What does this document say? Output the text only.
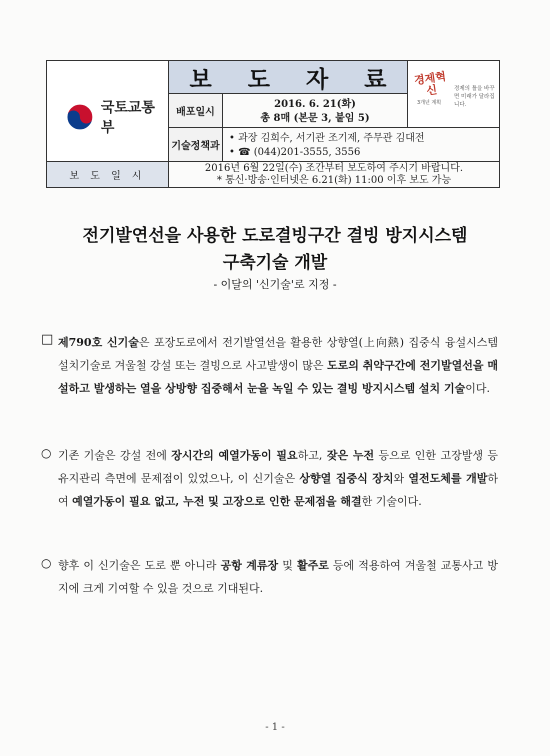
국토교통부
보 도 자 료 경제혁신
3개년 계획
경제의 틀을 바꾸면 미래가 달라집니다.
배포일시
2016. 6. 21(화)
총 8매 (본문 3, 붙임 5)
기술정책과
• 과장 김희수, 서기관 조기제, 주무관 김대전
• ☎ (044)201-3555, 3556
보 도 일 시
2016년 6월 22일(수) 조간부터 보도하여 주시기 바랍니다.
* 통신·방송·인터넷은 6.21(화) 11:00 이후 보도 가능
전기발연선을 사용한 도로결빙구간 결빙 방지시스템
구축기술 개발
- 이달의 '신기술'로 지정 -
□ 제790호 신기술은 포장도로에서 전기발열선을 활용한 상향열(上向熱) 집중식 융설시스템 설치기술로 겨울철 강설 또는 결빙으로 사고발생이 많은 도로의 취약구간에 전기발열선을 매설하고 발생하는 열을 상방향 집중해서 눈을 녹일 수 있는 결빙 방지시스템 설치 기술이다.
○ 기존 기술은 강설 전에 장시간의 예열가동이 필요하고, 잦은 누전 등으로 인한 고장발생 등 유지관리 측면에 문제점이 있었으나, 이 신기술은 상향열 집중식 장치와 열전도체를 개발하여 예열가동이 필요 없고, 누전 및 고장으로 인한 문제점을 해결한 기술이다.
○ 향후 이 신기술은 도로 뿐 아니라 공항 계류장 및 활주로 등에 적용하여 겨울철 교통사고 방지에 크게 기여할 수 있을 것으로 기대된다.
- 1 -
